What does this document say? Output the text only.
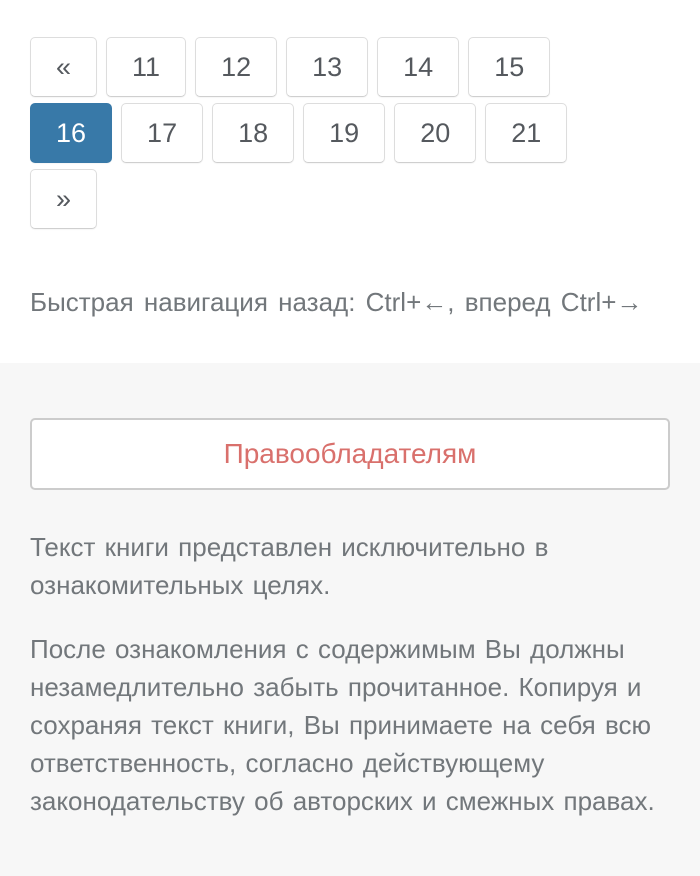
«	11	12	13	14	15
16	17	18	19	20	21
»

Быстрая навигация назад: Ctrl+←, вперед Ctrl+→

Правообладателям

Текст книги представлен исключительно в ознакомительных целях.

После ознакомления с содержимым Вы должны незамедлительно забыть прочитанное. Копируя и сохраняя текст книги, Вы принимаете на себя всю ответственность, согласно действующему законодательству об авторских и смежных правах.
